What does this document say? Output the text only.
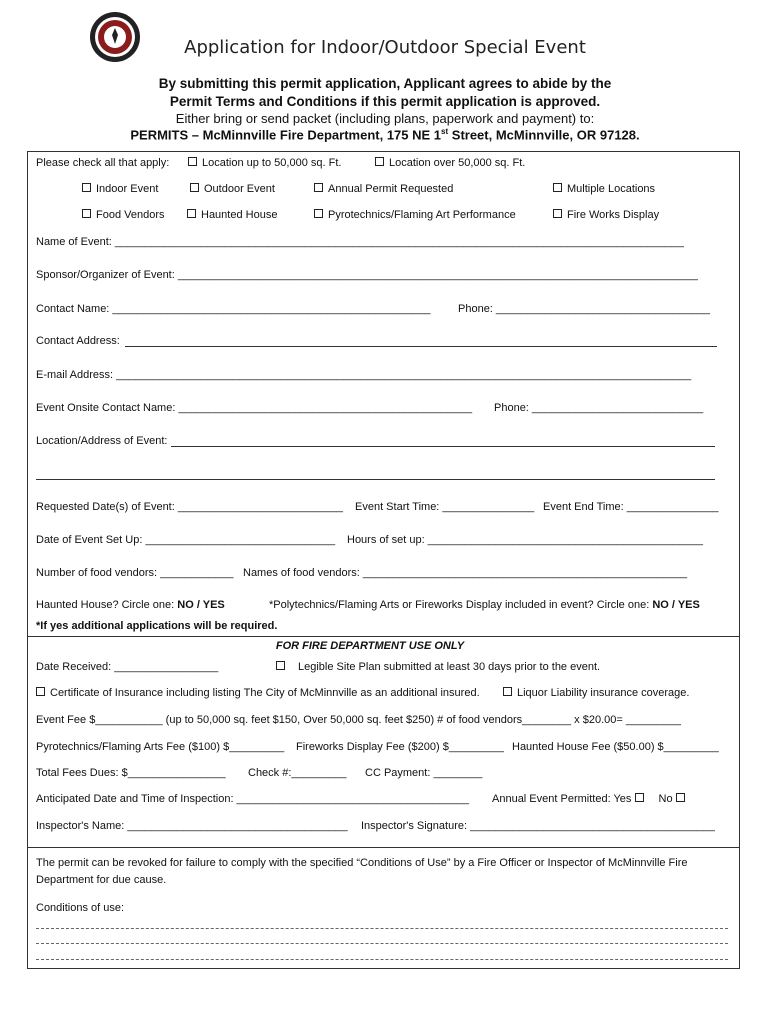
Application for Indoor/Outdoor Special Event
By submitting this permit application, Applicant agrees to abide by the
Permit Terms and Conditions if this permit application is approved.
Either bring or send packet (including plans, paperwork and payment) to:
PERMITS – McMinnville Fire Department, 175 NE 1st Street, McMinnville, OR 97128.
Please check all that apply:	Location up to 50,000 sq. Ft.	Location over 50,000 sq. Ft.
Indoor Event	Outdoor Event	Annual Permit Requested	Multiple Locations
Food Vendors	Haunted House	Pyrotechnics/Flaming Art Performance	Fire Works Display
Name of Event: _____________________________________________________________________________________________
Sponsor/Organizer of Event: _____________________________________________________________________________________
Contact Name: ____________________________________________________ Phone: ___________________________________
Contact Address:
E-mail Address: ______________________________________________________________________________________________
Event Onsite Contact Name: ________________________________________________ Phone: ____________________________
Location/Address of Event:
Requested Date(s) of Event: ___________________________ Event Start Time: _______________ Event End Time: _______________
Date of Event Set Up: _______________________________ Hours of set up: _____________________________________________
Number of food vendors: ____________ Names of food vendors: _____________________________________________________
Haunted House? Circle one: NO / YES	*Polytechnics/Flaming Arts or Fireworks Display included in event? Circle one: NO / YES
*If yes additional applications will be required.
FOR FIRE DEPARTMENT USE ONLY
Date Received: _________________	Legible Site Plan submitted at least 30 days prior to the event.
Certificate of Insurance including listing The City of McMinnville as an additional insured.	Liquor Liability insurance coverage.
Event Fee $___________ (up to 50,000 sq. feet $150, Over 50,000 sq. feet $250) # of food vendors________ x $20.00= _________
Pyrotechnics/Flaming Arts Fee ($100) $_________ Fireworks Display Fee ($200) $_________ Haunted House Fee ($50.00) $_________
Total Fees Dues: $________________ Check #:_________ CC Payment: ________
Anticipated Date and Time of Inspection: ______________________________________ Annual Event Permitted: Yes No
Inspector's Name: ____________________________________ Inspector's Signature: ________________________________________
The permit can be revoked for failure to comply with the specified “Conditions of Use” by a Fire Officer or Inspector of McMinnville Fire
Department for due cause.
Conditions of use:
